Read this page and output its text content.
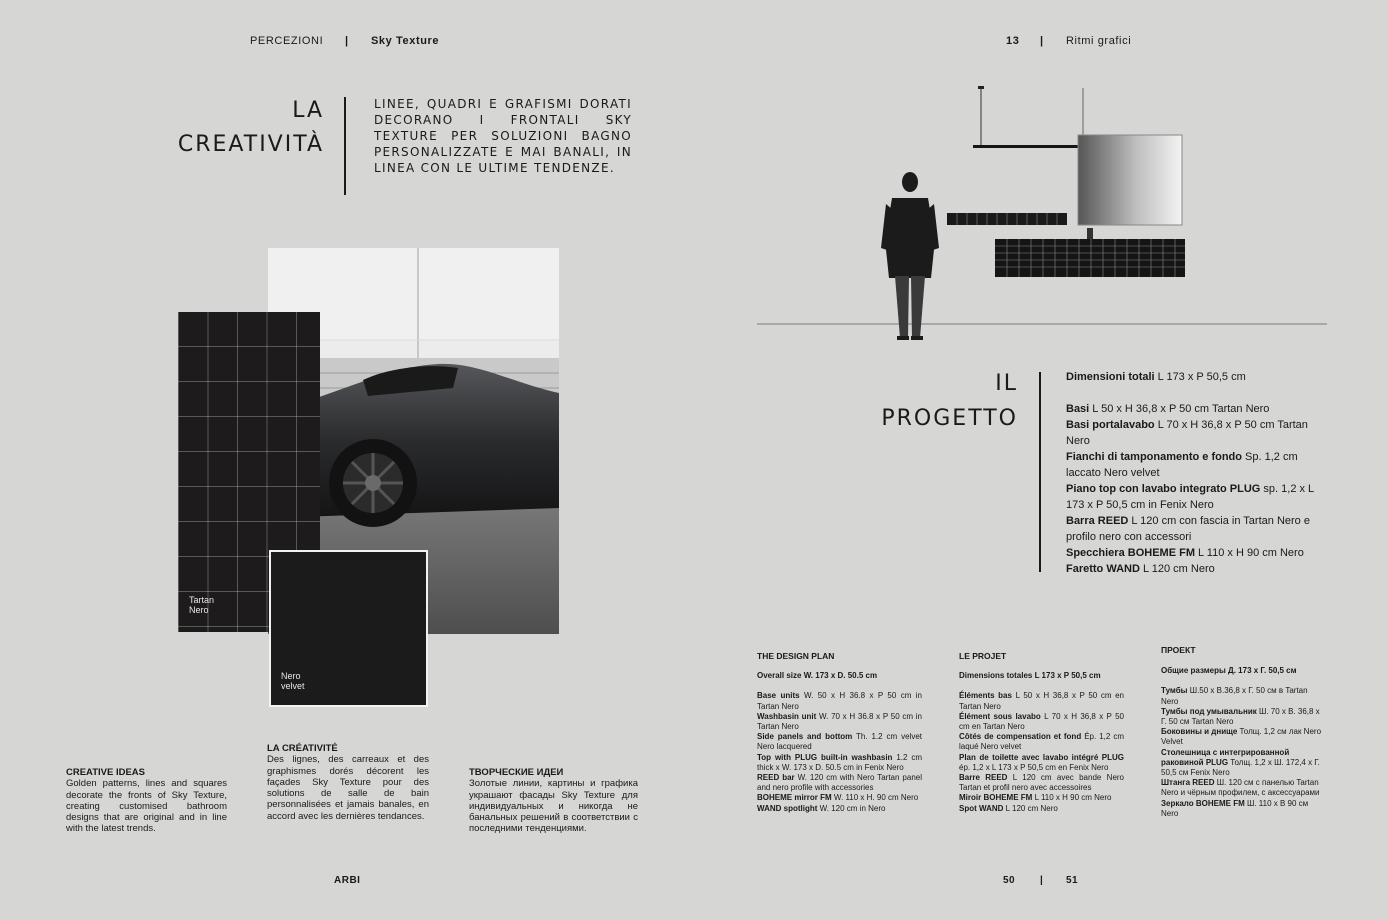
PERCEZIONI | Sky Texture
LA
CREATIVITÀ
LINEE, QUADRI E GRAFISMI DORATI DECORANO I FRONTALI SKY TEXTURE PER SOLUZIONI BAGNO PERSONALIZZATE E MAI BANALI, IN LINEA CON LE ULTIME TENDENZE.
Tartan
Nero
Nero
velvet
CREATIVE IDEAS
Golden patterns, lines and squares decorate the fronts of Sky Texture, creating customised bathroom designs that are original and in line with the latest trends.
LA CRÉATIVITÉ
Des lignes, des carreaux et des graphismes dorés décorent les façades Sky Texture pour des solutions de salle de bain personnalisées et jamais banales, en accord avec les dernières tendances.
ТВОРЧЕСКИЕ ИДЕИ
Золотые линии, картины и графика украшают фасады Sky Texture для индивидуальных и никогда не банальных решений в соответствии с последними тенденциями.
ARBI
13 | Ritmi grafici
IL
PROGETTO
Dimensioni totali L 173 x P 50,5 cm
Basi L 50 x H 36,8 x P 50 cm Tartan Nero
Basi portalavabo L 70 x H 36,8 x P 50 cm Tartan Nero
Fianchi di tamponamento e fondo Sp. 1,2 cm laccato Nero velvet
Piano top con lavabo integrato PLUG sp. 1,2 x L 173 x P 50,5 cm in Fenix Nero
Barra REED L 120 cm con fascia in Tartan Nero e profilo nero con accessori
Specchiera BOHEME FM L 110 x H 90 cm Nero
Faretto WAND L 120 cm Nero
THE DESIGN PLAN
Overall size W. 173 x D. 50.5 cm

Base units W. 50 x H 36.8 x P 50 cm in Tartan Nero

Washbasin unit W. 70 x H 36.8 x P 50 cm in Tartan Nero

Side panels and bottom Th. 1.2 cm velvet Nero lacquered

Top with PLUG built-in washbasin 1.2 cm thick x W. 173 x D. 50.5 cm in Fenix Nero

REED bar W. 120 cm with Nero Tartan panel and nero profile with accessories

BOHEME mirror FM W. 110 x H. 90 cm Nero

WAND spotlight W. 120 cm in Nero

LE PROJET
Dimensions totales L 173 x P 50,5 cm

Éléments bas L 50 x H 36,8 x P 50 cm en Tartan Nero

Élément sous lavabo L 70 x H 36,8 x P 50 cm en Tartan Nero

Côtés de compensation et fond Ép. 1,2 cm laqué Nero velvet

Plan de toilette avec lavabo intégré PLUG ép. 1,2 x L 173 x P 50,5 cm en Fenix Nero

Barre REED L 120 cm avec bande Nero Tartan et profil nero avec accessoires

Miroir BOHEME FM L 110 x H 90 cm Nero

Spot WAND L 120 cm Nero

ПРОЕКТ
Общие размеры Д. 173 x Г. 50,5 см

Тумбы Ш.50 x В.36,8 x Г. 50 см в Tartan Nero

Тумбы под умывальник Ш. 70 x В. 36,8 x Г. 50 см Tartan Nero

Боковины и днище Толщ. 1,2 см лак Nero Velvet

Столешница с интегрированной раковиной PLUG Толщ. 1,2 x Ш. 172,4 x Г. 50,5 см Fenix Nero

Штанга REED Ш. 120 см с панелью Tartan Nero и чёрным профилем, с аксессуарами

Зеркало BOHEME FM Ш. 110 x В 90 см Nero

50 | 51
